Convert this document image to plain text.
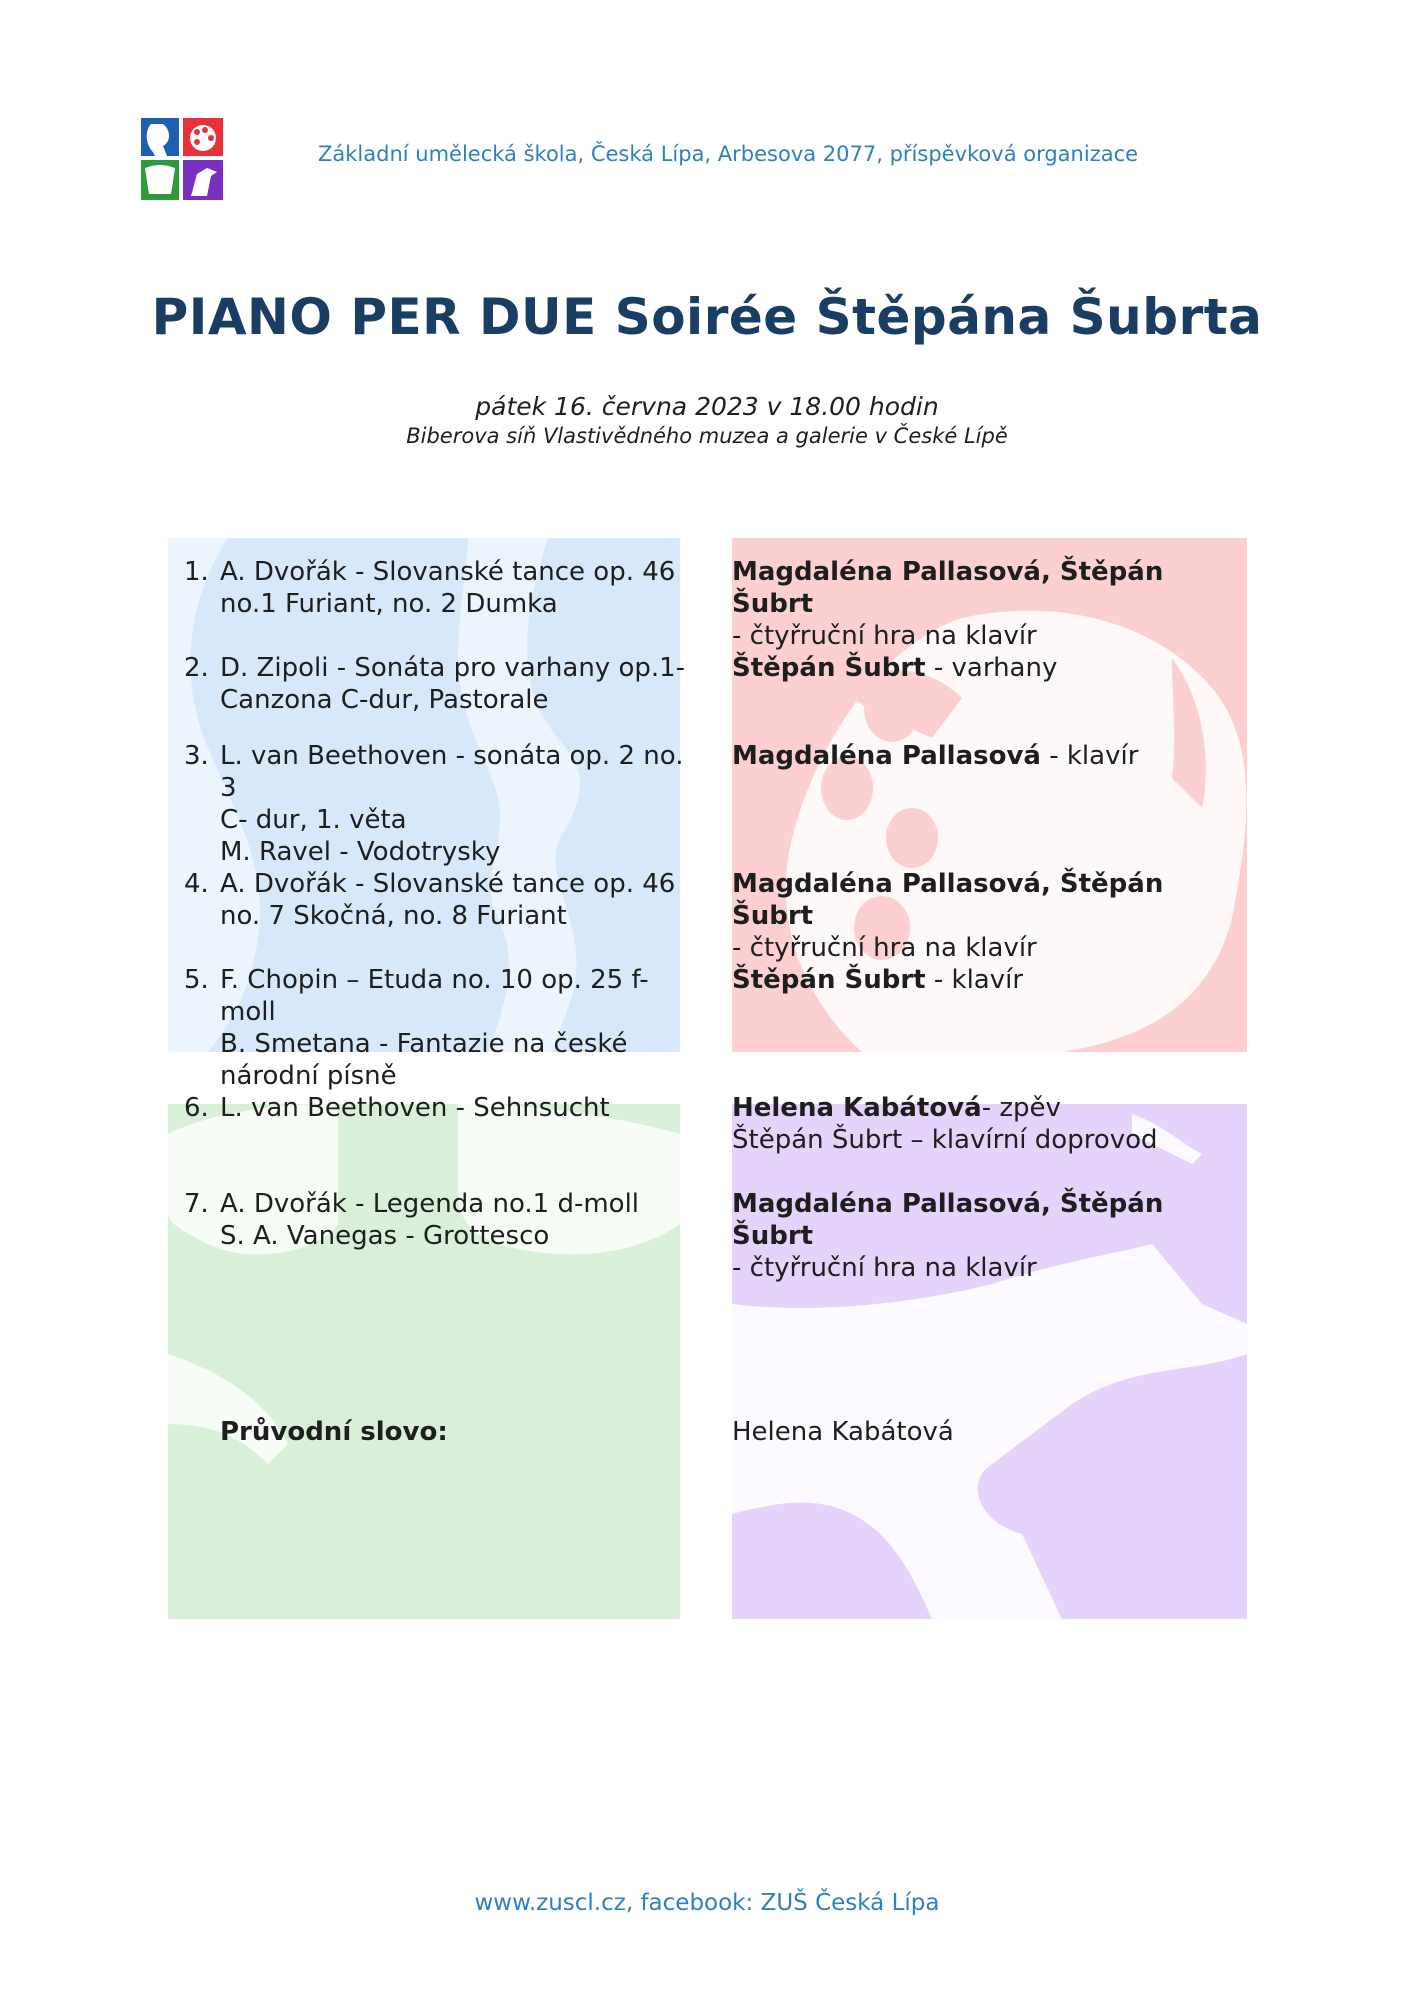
Základní umělecká škola, Česká Lípa, Arbesova 2077, příspěvková organizace
PIANO PER DUE Soirée Štěpána Šubrta
pátek 16. června 2023 v 18.00 hodin
Biberova síň Vlastivědného muzea a galerie v České Lípě
1. A. Dvořák - Slovanské tance op. 46
no.1 Furiant, no. 2 Dumka
Magdaléna Pallasová, Štěpán Šubrt
- čtyřruční hra na klavír
2. D. Zipoli - Sonáta pro varhany op.1-
Canzona C-dur, Pastorale
Štěpán Šubrt - varhany
3. L. van Beethoven - sonáta op. 2 no. 3
C- dur, 1. věta
M. Ravel - Vodotrysky
Magdaléna Pallasová - klavír
4. A. Dvořák - Slovanské tance op. 46
no. 7 Skočná, no. 8 Furiant
Magdaléna Pallasová, Štěpán Šubrt
- čtyřruční hra na klavír
5. F. Chopin – Etuda no. 10 op. 25 f-moll
B. Smetana - Fantazie na české
národní písně
Štěpán Šubrt - klavír
6. L. van Beethoven - Sehnsucht	Helena Kabátová- zpěv
Štěpán Šubrt – klavírní doprovod
7. A. Dvořák - Legenda no.1 d-moll
S. A. Vanegas - Grottesco
Magdaléna Pallasová, Štěpán Šubrt
- čtyřruční hra na klavír
Průvodní slovo:	Helena Kabátová
www.zuscl.cz, facebook: ZUŠ Česká Lípa
